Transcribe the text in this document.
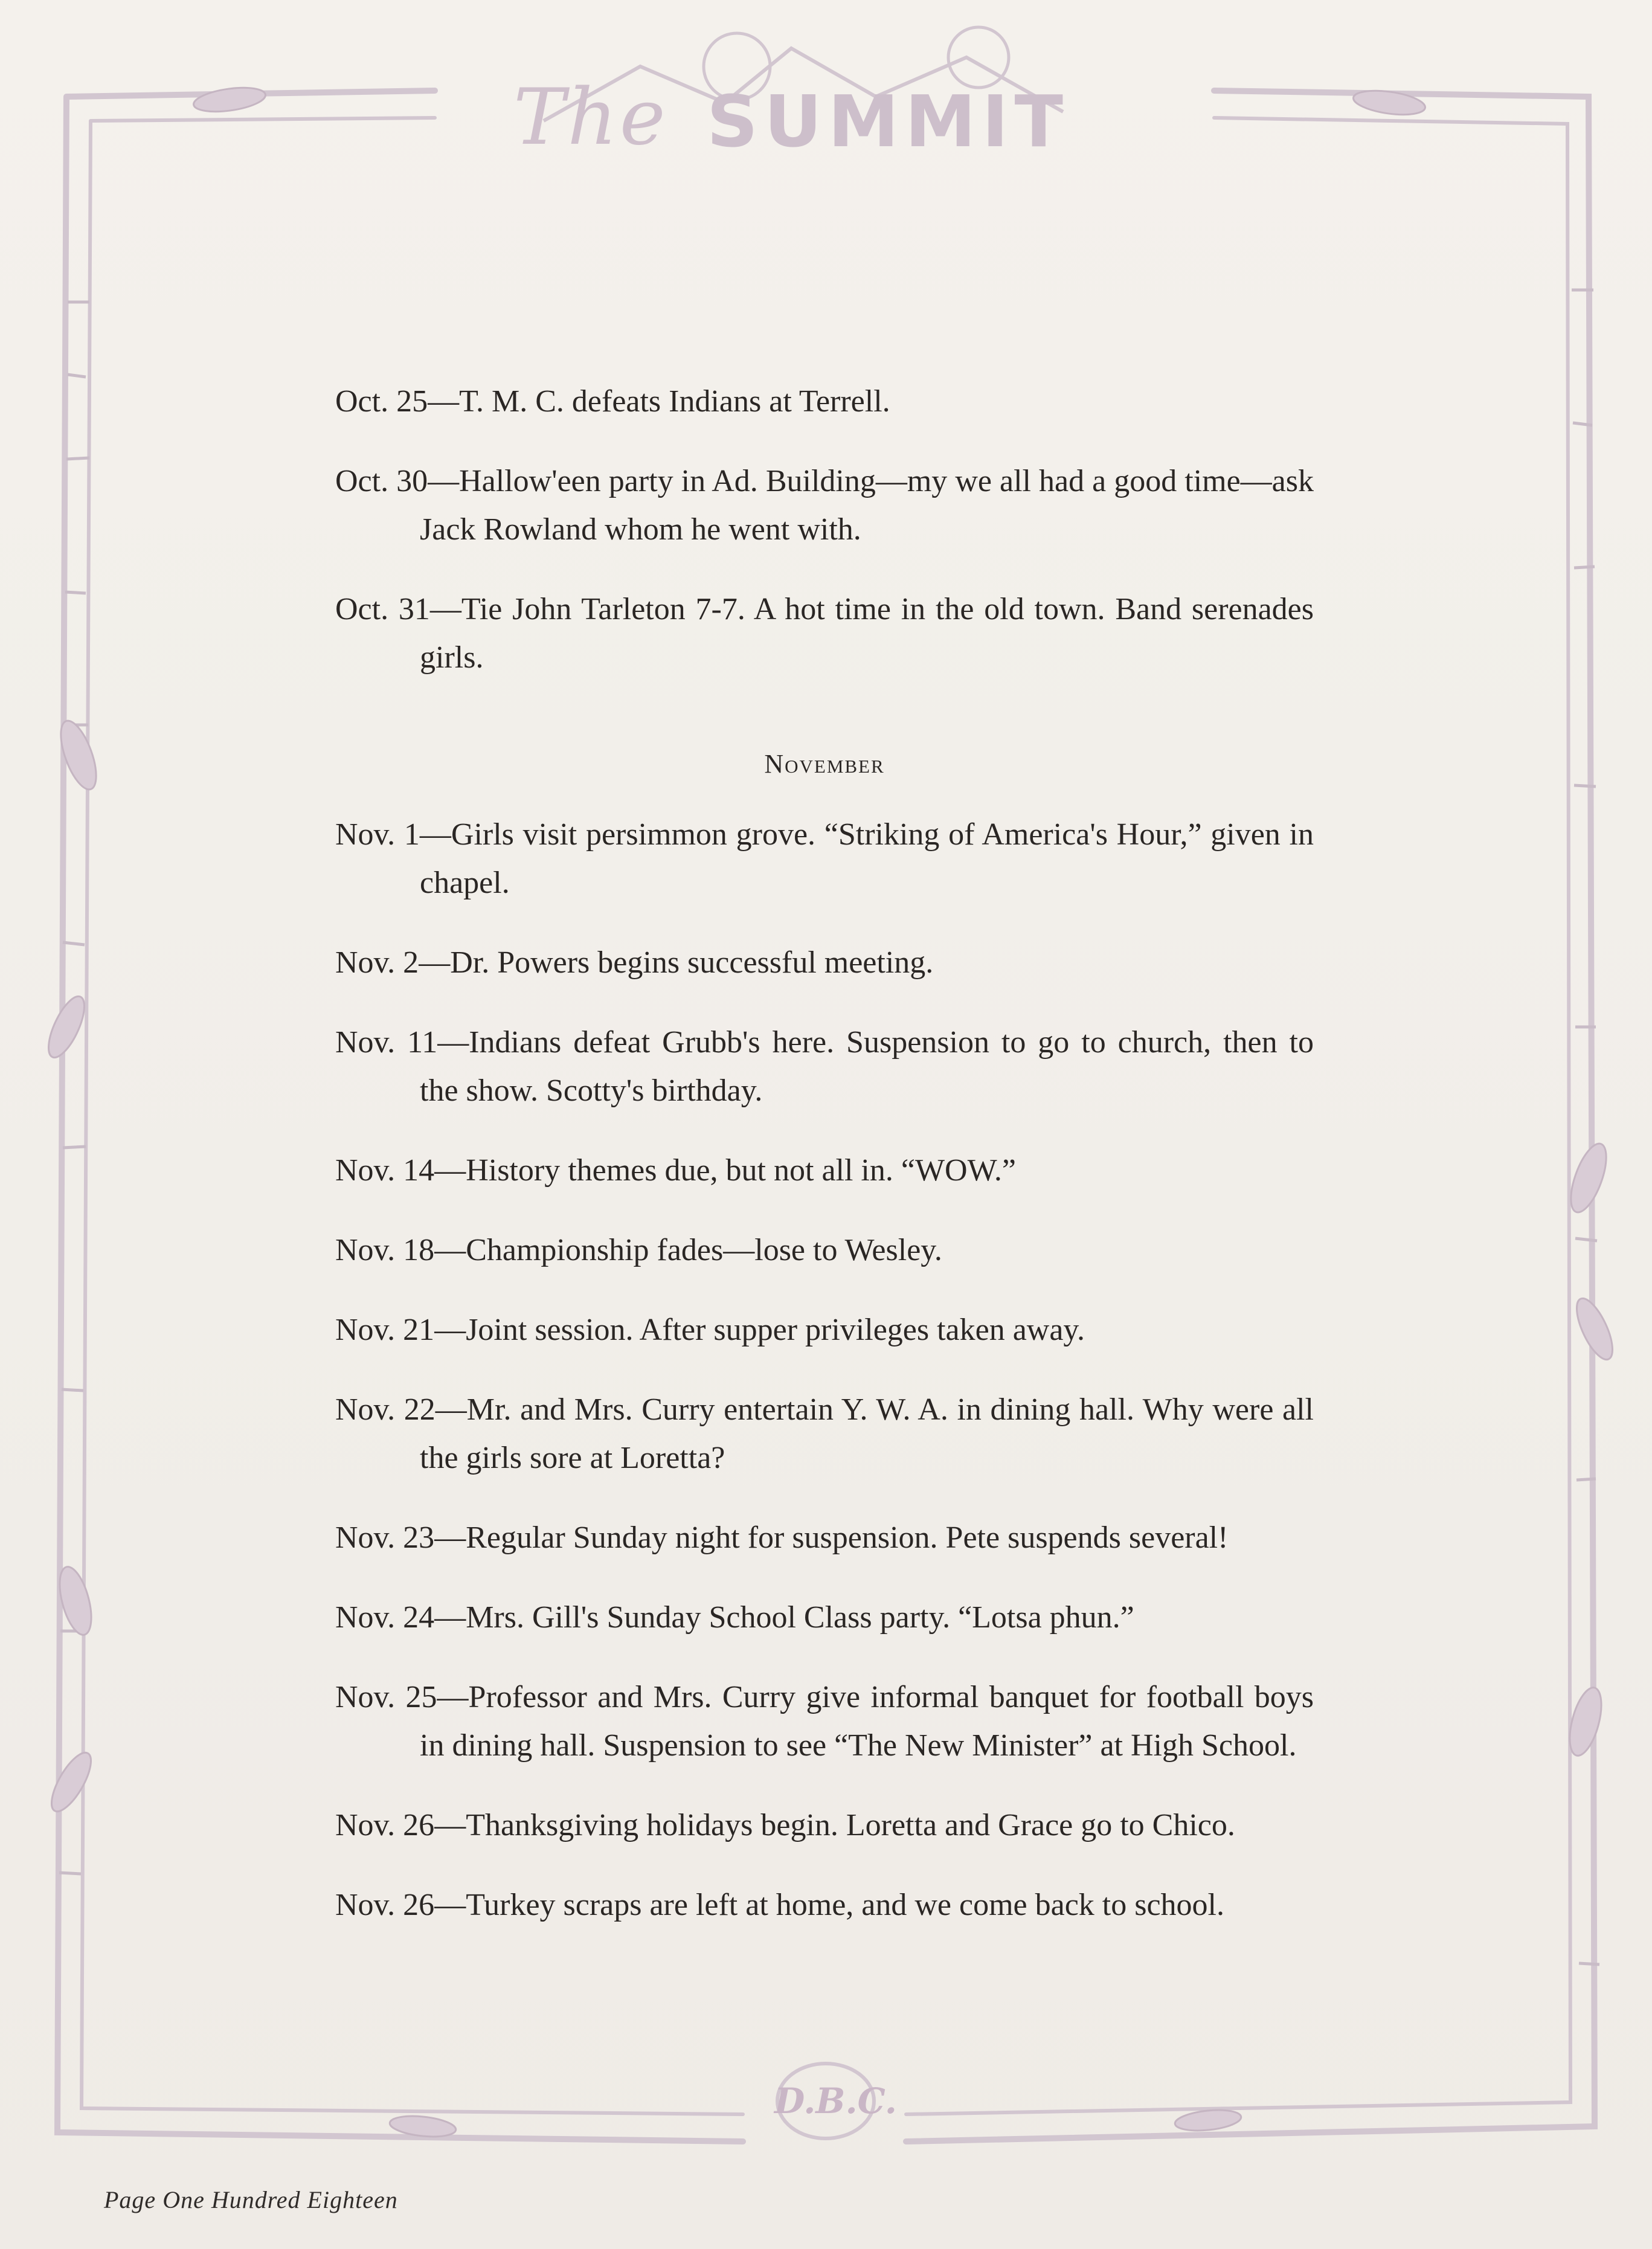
The SUMMIT
D.B.C.

Oct. 25—T. M. C. defeats Indians at Terrell.

Oct. 30—Hallow'een party in Ad. Building—my we all had a good time—ask Jack Rowland whom he went with.

Oct. 31—Tie John Tarleton 7-7. A hot time in the old town. Band serenades girls.

November

Nov. 1—Girls visit persimmon grove. “Striking of America's Hour,” given in chapel.

Nov. 2—Dr. Powers begins successful meeting.

Nov. 11—Indians defeat Grubb's here. Suspension to go to church, then to the show. Scotty's birthday.

Nov. 14—History themes due, but not all in. “WOW.”

Nov. 18—Championship fades—lose to Wesley.

Nov. 21—Joint session. After supper privileges taken away.

Nov. 22—Mr. and Mrs. Curry entertain Y. W. A. in dining hall. Why were all the girls sore at Loretta?

Nov. 23—Regular Sunday night for suspension. Pete suspends several!

Nov. 24—Mrs. Gill's Sunday School Class party. “Lotsa phun.”

Nov. 25—Professor and Mrs. Curry give informal banquet for football boys in dining hall. Suspension to see “The New Minister” at High School.

Nov. 26—Thanksgiving holidays begin. Loretta and Grace go to Chico.

Nov. 26—Turkey scraps are left at home, and we come back to school.

Page One Hundred Eighteen
